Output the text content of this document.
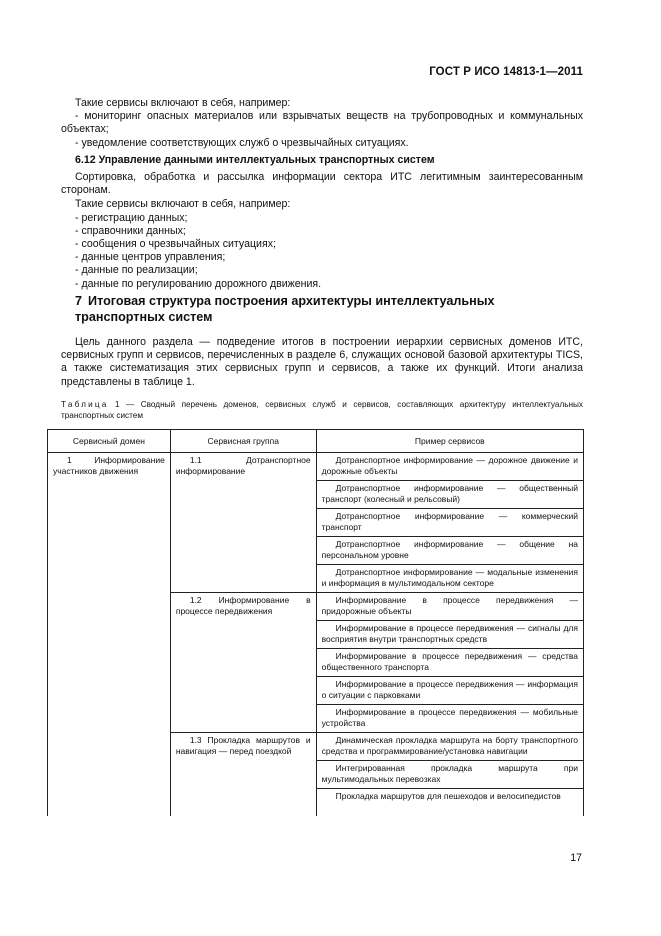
ГОСТ Р ИСО 14813-1—2011

Такие сервисы включают в себя, например:

- мониторинг опасных материалов или взрывчатых веществ на трубопроводных и коммунальных объектах;

- уведомление соответствующих служб о чрезвычайных ситуациях.

6.12 Управление данными интеллектуальных транспортных систем

Сортировка, обработка и рассылка информации сектора ИТС легитимным заинтересованным сторонам.

Такие сервисы включают в себя, например:

- регистрацию данных;

- справочники данных;

- сообщения о чрезвычайных ситуациях;

- данные центров управления;

- данные по реализации;

- данные по регулированию дорожного движения.

7 Итоговая структура построения архитектуры интеллектуальных транспортных систем

Цель данного раздела — подведение итогов в построении иерархии сервисных доменов ИТС, сервисных групп и сервисов, перечисленных в разделе 6, служащих основой базовой архитектуры TICS, а также систематизация этих сервисных групп и сервисов, а также их функций. Итоги анализа представлены в таблице 1.

Таблица 1 — Сводный перечень доменов, сервисных служб и сервисов, составляющих архитектуру интеллектуальных транспортных систем
Сервисный домен	Сервисная группа	Пример сервисов

1 Информирование участников движения	1.1 Дотранспортное информирование	Дотранспортное информирование — дорожное движение и дорожные объекты

		Дотранспортное информирование — общественный транспорт (колесный и рельсовый)

		Дотранспортное информирование — коммерческий транспорт

		Дотранспортное информирование — общение на персональном уровне

		Дотранспортное информирование — модальные изменения и информация в мультимодальном секторе

	1.2 Информирование в процессе передвижения	Информирование в процессе передвижения — придорожные объекты

		Информирование в процессе передвижения — сигналы для восприятия внутри транспортных средств

		Информирование в процессе передвижения — средства общественного транспорта

		Информирование в процессе передвижения — информация о ситуации с парковками

		Информирование в процессе передвижения — мобильные устройства

	1.3 Прокладка маршрутов и навигация — перед поездкой	Динамическая прокладка маршрута на борту транспортного средства и программирование/установка навигации

		Интегрированная прокладка маршрута при мультимодальных перевозках

		Прокладка маршрутов для пешеходов и велосипедистов
17
